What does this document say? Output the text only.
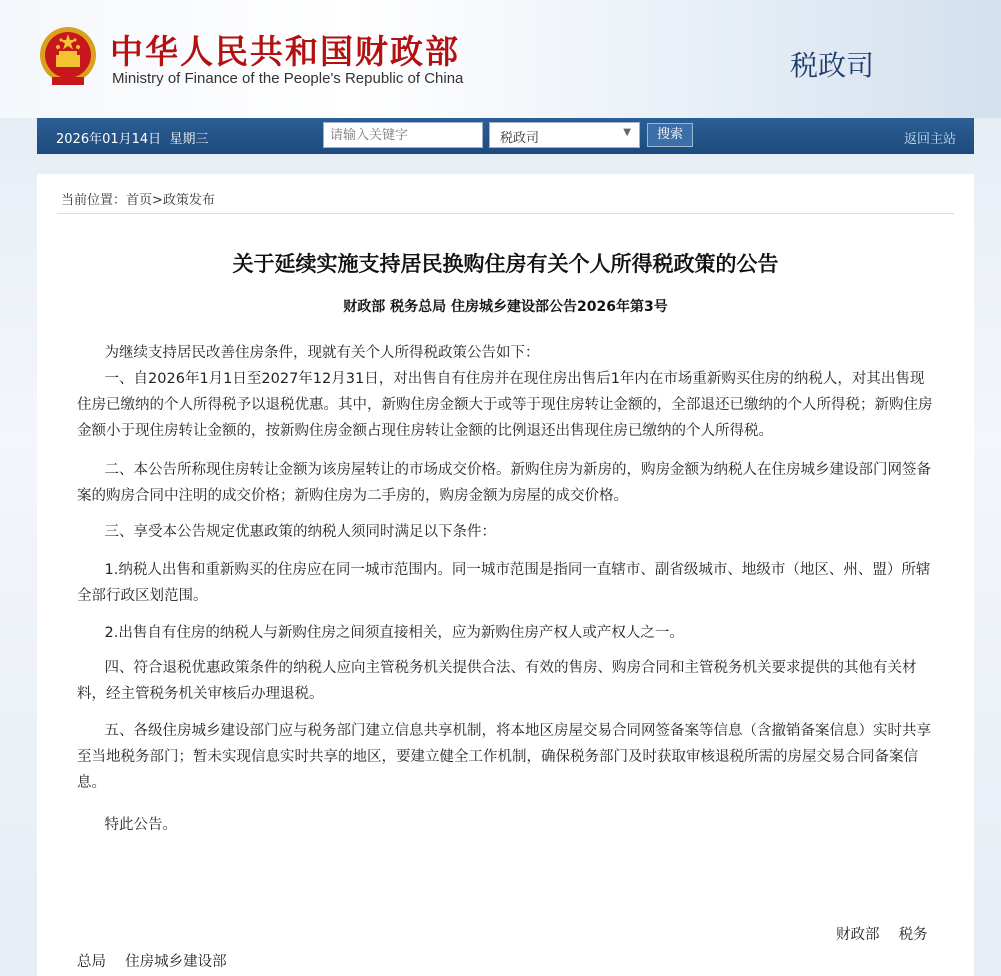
中华人民共和国财政部
Ministry of Finance of the People's Republic of China	税政司
2026年01月14日 星期三
请输入关键字	税政司	▼	搜索	返回主站
当前位置：首页>政策发布
关于延续实施支持居民换购住房有关个人所得税政策的公告
财政部 税务总局 住房城乡建设部公告2026年第3号

为继续支持居民改善住房条件，现就有关个人所得税政策公告如下：

一、自2026年1月1日至2027年12月31日，对出售自有住房并在现住房出售后1年内在市场重新购买住房的纳税人，对其出售现住房已缴纳的个人所得税予以退税优惠。其中，新购住房金额大于或等于现住房转让金额的，全部退还已缴纳的个人所得税；新购住房金额小于现住房转让金额的，按新购住房金额占现住房转让金额的比例退还出售现住房已缴纳的个人所得税。

二、本公告所称现住房转让金额为该房屋转让的市场成交价格。新购住房为新房的，购房金额为纳税人在住房城乡建设部门网签备案的购房合同中注明的成交价格；新购住房为二手房的，购房金额为房屋的成交价格。

三、享受本公告规定优惠政策的纳税人须同时满足以下条件：

1.纳税人出售和重新购买的住房应在同一城市范围内。同一城市范围是指同一直辖市、副省级城市、地级市（地区、州、盟）所辖全部行政区划范围。

2.出售自有住房的纳税人与新购住房之间须直接相关，应为新购住房产权人或产权人之一。

四、符合退税优惠政策条件的纳税人应向主管税务机关提供合法、有效的售房、购房合同和主管税务机关要求提供的其他有关材料，经主管税务机关审核后办理退税。

五、各级住房城乡建设部门应与税务部门建立信息共享机制，将本地区房屋交易合同网签备案等信息（含撤销备案信息）实时共享至当地税务部门；暂未实现信息实时共享的地区，要建立健全工作机制，确保税务部门及时获取审核退税所需的房屋交易合同备案信息。

特此公告。

财政部　 税务
总局　 住房城乡建设部
